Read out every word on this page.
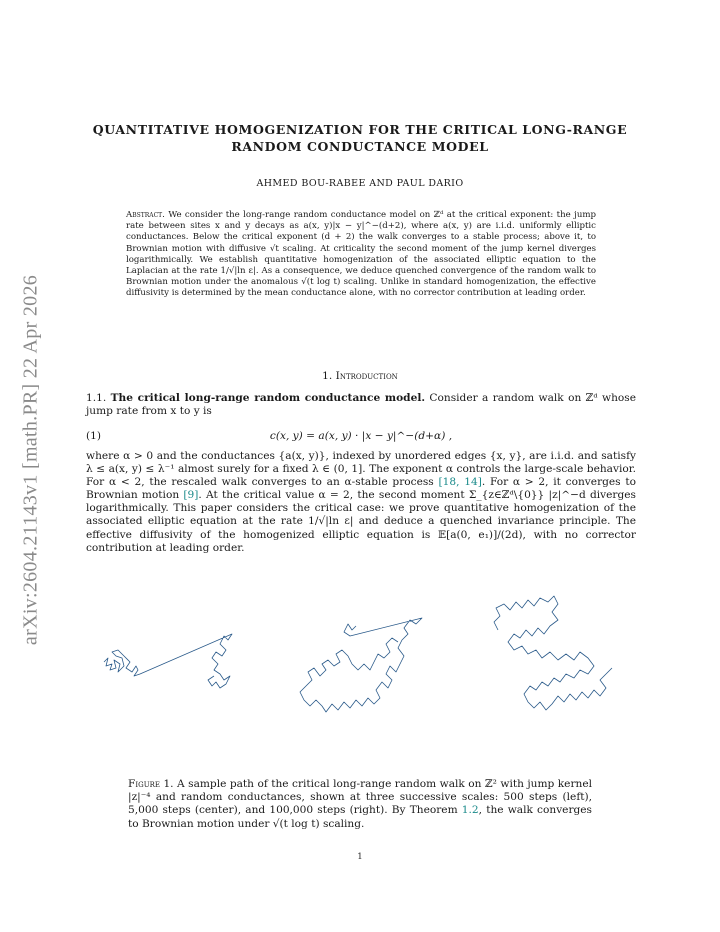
arXiv:2604.21143v1 [math.PR] 22 Apr 2026
QUANTITATIVE HOMOGENIZATION FOR THE CRITICAL LONG-RANGE
RANDOM CONDUCTANCE MODEL
AHMED BOU-RABEE AND PAUL DARIO
Abstract. We consider the long-range random conductance model on ℤᵈ at the critical exponent: the jump rate between sites x and y decays as a(x, y)|x − y|^−(d+2), where a(x, y) are i.i.d. uniformly elliptic conductances. Below the critical exponent (d + 2) the walk converges to a stable process; above it, to Brownian motion with diffusive √t scaling. At criticality the second moment of the jump kernel diverges logarithmically. We establish quantitative homogenization of the associated elliptic equation to the Laplacian at the rate 1/√|ln ε|. As a consequence, we deduce quenched convergence of the random walk to Brownian motion under the anomalous √(t log t) scaling. Unlike in standard homogenization, the effective diffusivity is determined by the mean conductance alone, with no corrector contribution at leading order.
1. Introduction
1.1. The critical long-range random conductance model. Consider a random walk on ℤᵈ whose jump rate from x to y is
(1)	c(x, y) = a(x, y) · |x − y|^−(d+α) ,
where α > 0 and the conductances {a(x, y)}, indexed by unordered edges {x, y}, are i.i.d. and satisfy λ ≤ a(x, y) ≤ λ⁻¹ almost surely for a fixed λ ∈ (0, 1]. The exponent α controls the large-scale behavior. For α < 2, the rescaled walk converges to an α-stable process [18, 14]. For α > 2, it converges to Brownian motion [9]. At the critical value α = 2, the second moment Σ_{z∈ℤᵈ\{0}} |z|^−d diverges logarithmically. This paper considers the critical case: we prove quantitative homogenization of the associated elliptic equation at the rate 1/√|ln ε| and deduce a quenched invariance principle. The effective diffusivity of the homogenized elliptic equation is 𝔼[a(0, e₁)]/(2d), with no corrector contribution at leading order.
Figure 1. A sample path of the critical long-range random walk on ℤ² with jump kernel |z|⁻⁴ and random conductances, shown at three successive scales: 500 steps (left), 5,000 steps (center), and 100,000 steps (right). By Theorem 1.2, the walk converges to Brownian motion under √(t log t) scaling.
1
